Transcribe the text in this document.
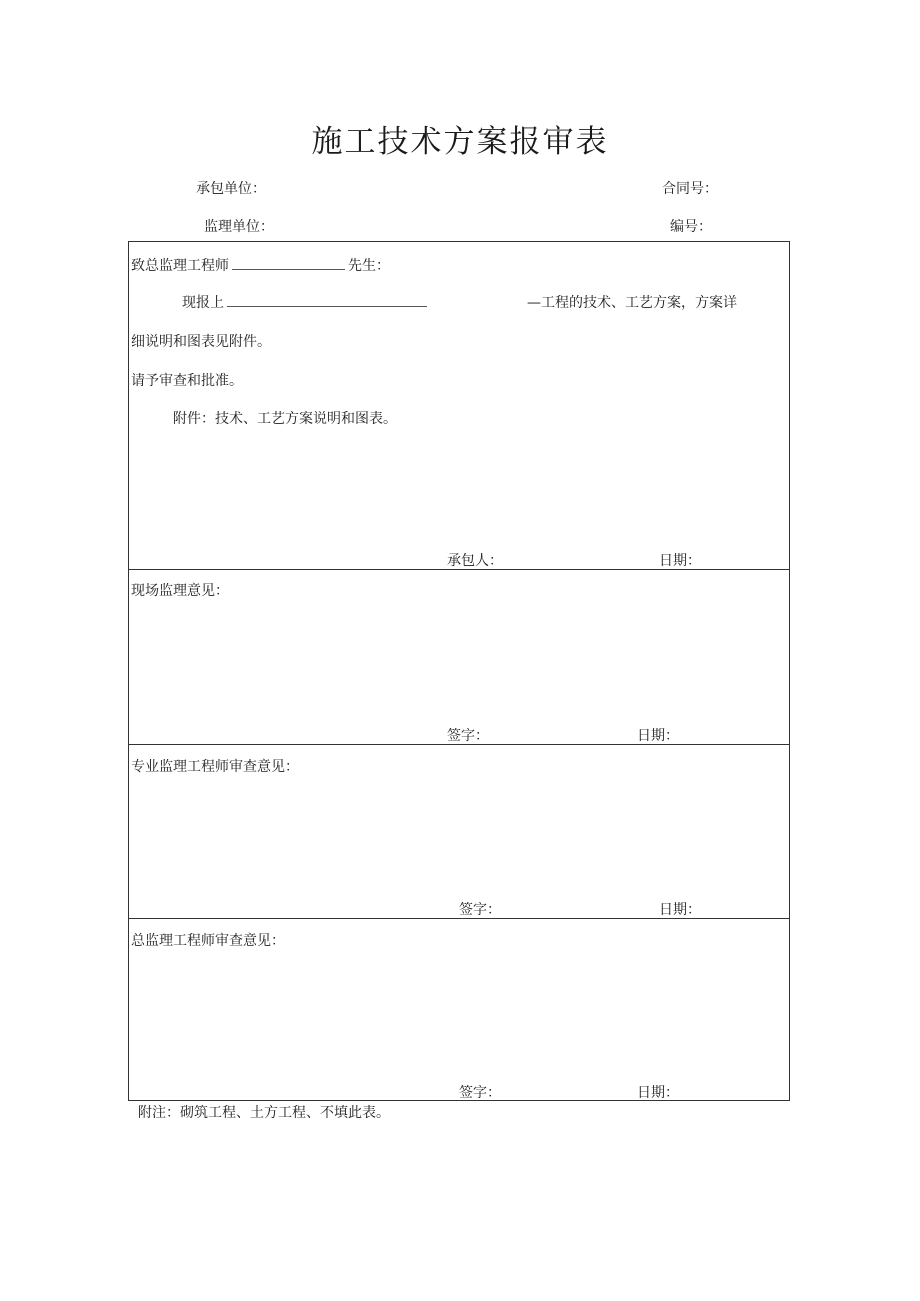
施工技术方案报审表
承包单位：	合同号：
监理单位：	编号：
致总监理工程师	先生：
现报上	—工程的技术、工艺方案，方案详
细说明和图表见附件。
请予审查和批准。
附件：技术、工艺方案说明和图表。
承包人：	日期：
现场监理意见：
签字：	日期：
专业监理工程师审查意见：
签字：	日期：
总监理工程师审查意见：
签字：	日期：
附注：砌筑工程、土方工程、不填此表。
